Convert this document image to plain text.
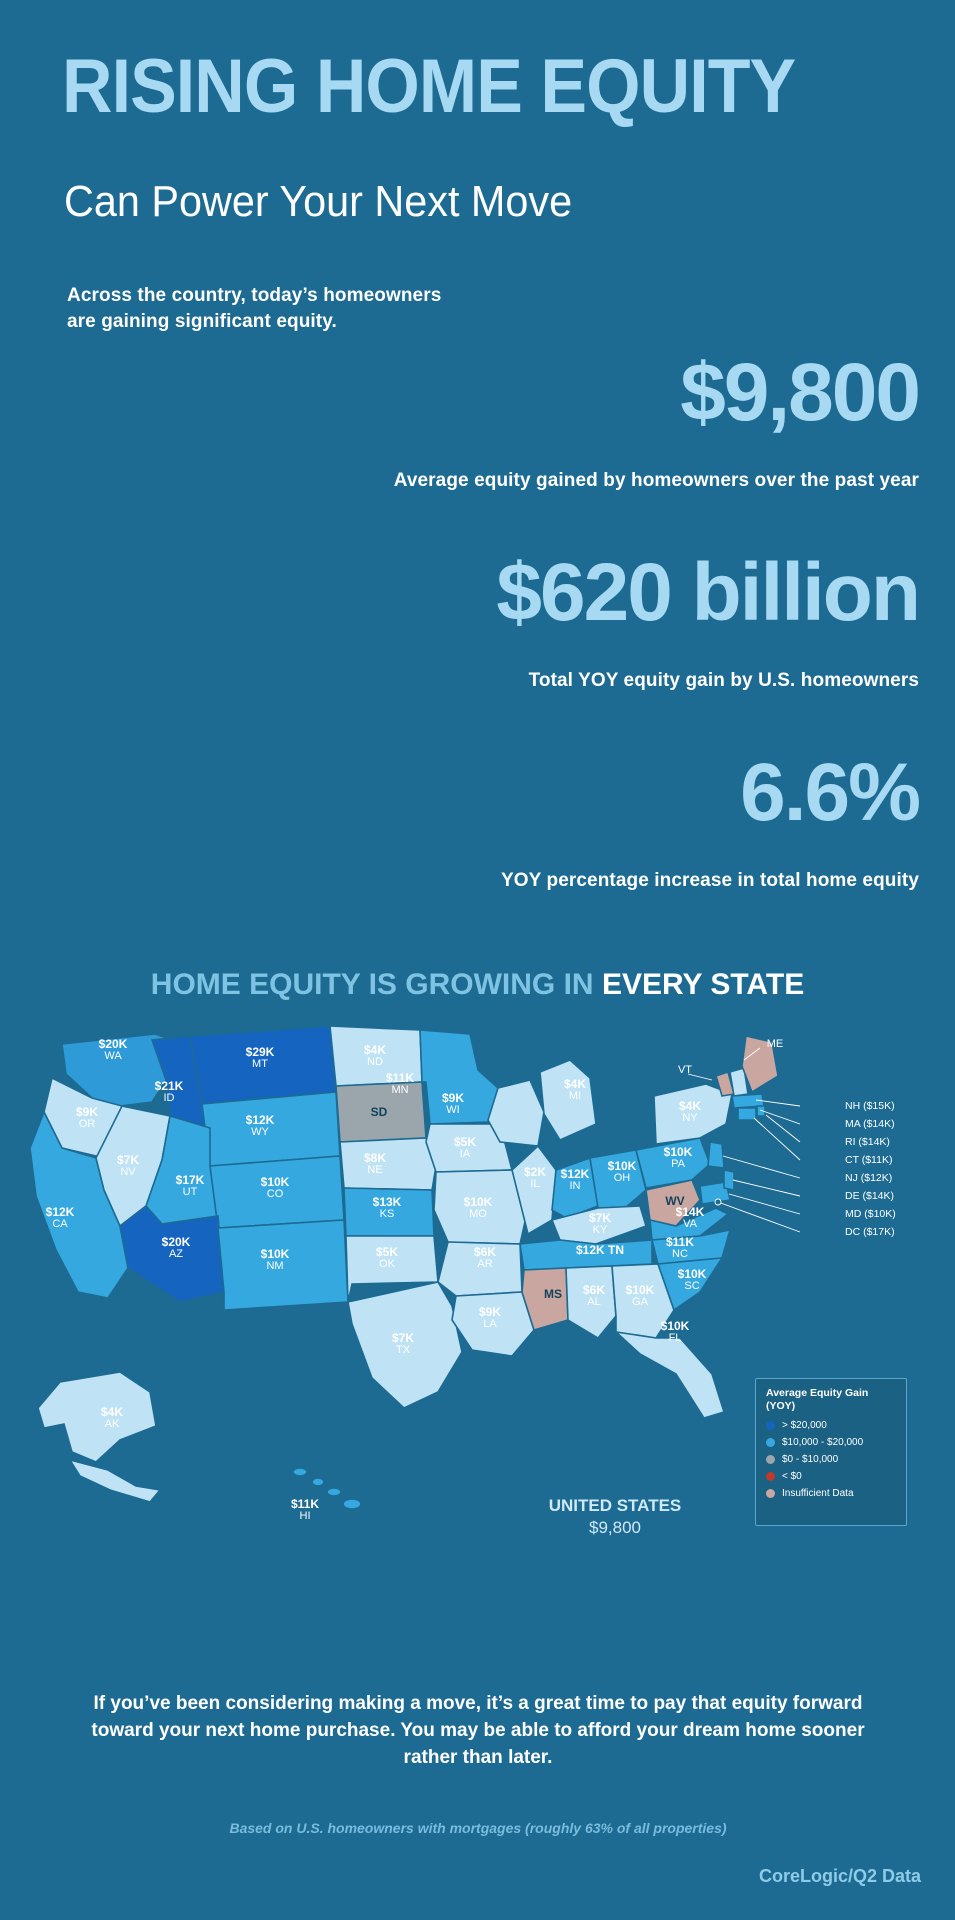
RISING HOME EQUITY
Can Power Your Next Move
Across the country, today’s homeowners
are gaining significant equity.
$9,800
Average equity gained by homeowners over the past year
$620 billion
Total YOY equity gain by U.S. homeowners
6.6%
YOY percentage increase in total home equity
HOME EQUITY IS GROWING IN EVERY STATE
$20K
WA
$9K
OR
$12K
CA
$7K
NV
$21K
ID
$29K
MT
$12K
WY
$17K
UT
$10K
CO
$20K
AZ	$10K
NM
$4K
ND
SD
$8K
NE
$13K
KS
$5K
OK
$7K
TX
$11K
MN
$9K
WI
$5K
IA
$10K
MO
$6K
AR
$9K
LA
$2K
IL
$4K
MI
$12K
IN
$10K
OH
$7K
KY
$12K TN
MS	$6K
AL
$10K
GA
$10K
SC
$11K
NC
$14K
VA
WV
$10K
PA
$4K
NY
VT
ME
$10K
FL
$4K
AK
$11K
HI
NH ($15K)
MA ($14K)
RI ($14K)
CT ($11K)
NJ ($12K)
DE ($14K)
MD ($10K)
DC ($17K)
UNITED STATES
$9,800
Average Equity Gain
(YOY)
> $20,000
$10,000 - $20,000
$0 - $10,000
< $0
Insufficient Data
If you’ve been considering making a move, it’s a great time to pay that equity forward toward your next home purchase. You may be able to afford your dream home sooner rather than later.
Based on U.S. homeowners with mortgages (roughly 63% of all properties)
CoreLogic/Q2 Data
